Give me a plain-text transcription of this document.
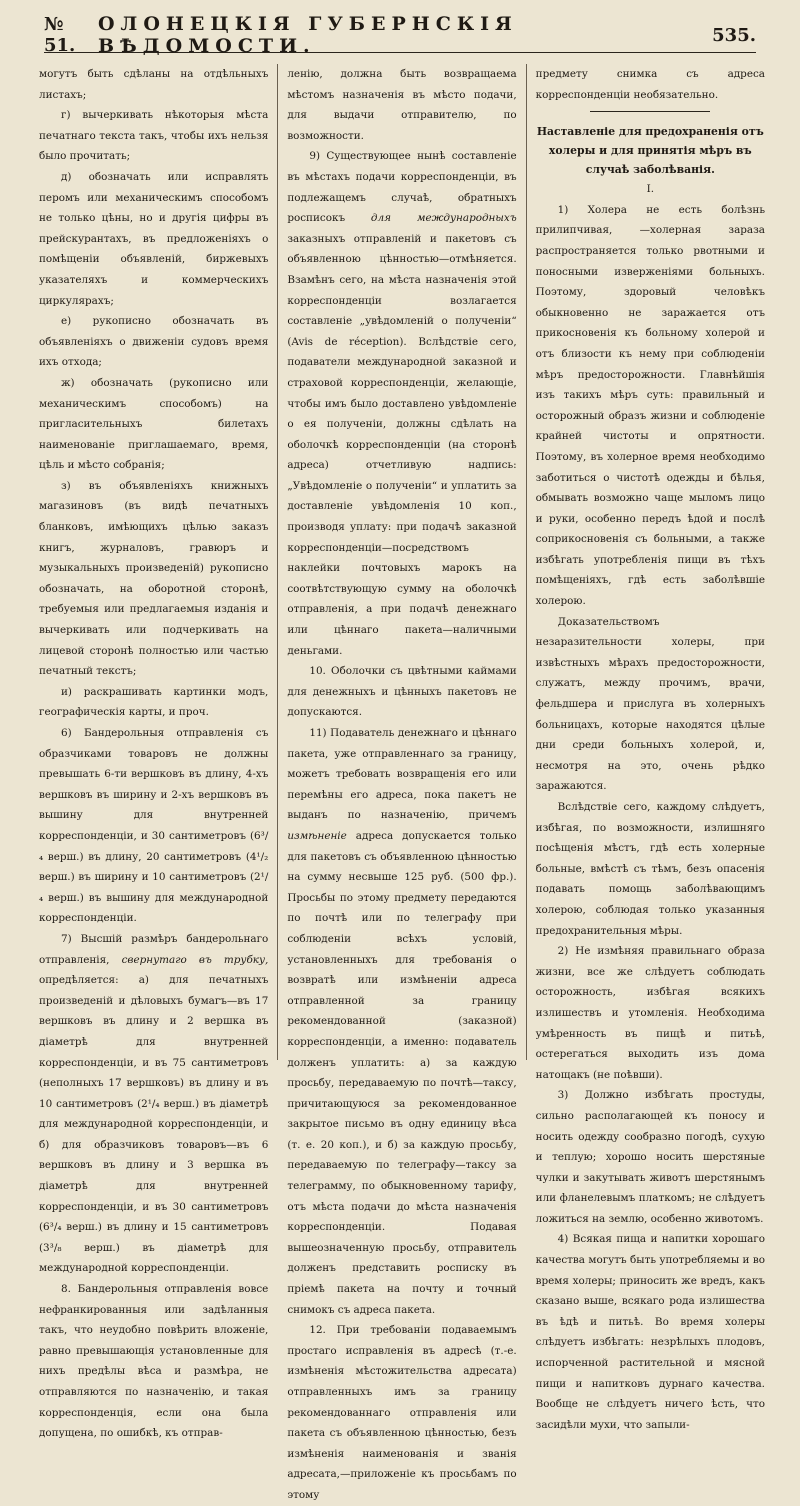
№ 51.
ОЛОНЕЦКІЯ ГУБЕРНСКІЯ ВѢДОМОСТИ.	535.

могутъ быть сдѣланы на отдѣльныхъ листахъ;

г) вычеркивать нѣкоторыя мѣста печатнаго текста такъ, чтобы ихъ нельзя было прочитать;

д) обозначать или исправлять перомъ или механическимъ способомъ не только цѣны, но и другія цифры въ прейскурантахъ, въ предложеніяхъ о помѣщеніи объявленій, биржевыхъ указателяхъ и коммерческихъ циркулярахъ;

е) рукописно обозначать въ объявленіяхъ о движеніи судовъ время ихъ отхода;

ж) обозначать (рукописно или механическимъ способомъ) на пригласительныхъ билетахъ наименованіе приглашаемаго, время, цѣль и мѣсто собранія;

з) въ объявленіяхъ книжныхъ магазиновъ (въ видѣ печатныхъ бланковъ, имѣющихъ цѣлью заказъ книгъ, журналовъ, гравюръ и музыкальныхъ произведеній) рукописно обозначать, на оборотной сторонѣ, требуемыя или предлагаемыя изданія и вычеркивать или подчеркивать на лицевой сторонѣ полностью или частью печатный текстъ;

и) раскрашивать картинки модъ, географическія карты, и проч.

6) Бандерольныя отправленія съ образчиками товаровъ не должны превышать 6-ти вершковъ въ длину, 4-хъ вершковъ въ ширину и 2-хъ вершковъ въ вышину для внутренней корреспонденціи, и 30 сантиметровъ (6³/₄ верш.) въ длину, 20 сантиметровъ (4¹/₂ верш.) въ ширину и 10 сантиметровъ (2¹/₄ верш.) въ вышину для международной корреспонденціи.

7) Высшій размѣръ бандерольнаго отправленія, свернутаго въ трубку, опредѣляется: а) для печатныхъ произведеній и дѣловыхъ бумагъ—въ 17 вершковъ въ длину и 2 вершка въ діаметрѣ для внутренней корреспонденціи, и въ 75 сантиметровъ (неполныхъ 17 вершковъ) въ длину и въ 10 сантиметровъ (2¹/₄ верш.) въ діаметрѣ для международной корреспонденціи, и б) для образчиковъ товаровъ—въ 6 вершковъ въ длину и 3 вершка въ діаметрѣ для внутренней корреспонденціи, и въ 30 сантиметровъ (6³/₄ верш.) въ длину и 15 сантиметровъ (3³/₈ верш.) въ діаметрѣ для международной корреспонденціи.

8. Бандерольныя отправленія вовсе нефранкированныя или задѣланныя такъ, что неудобно повѣрить вложеніе, равно превышающія установленные для нихъ предѣлы вѣса и размѣра, не отправляются по назначенію, и такая корреспонденція, если она была допущена, по ошибкѣ, къ отправ-

ленію, должна быть возвращаема мѣстомъ назначенія въ мѣсто подачи, для выдачи отправителю, по возможности.

9) Существующее нынѣ составленіе въ мѣстахъ подачи корреспонденціи, въ подлежащемъ случаѣ, обратныхъ росписокъ для международныхъ заказныхъ отправленій и пакетовъ съ объявленною цѣнностью—отмѣняется. Взамѣнъ сего, на мѣста назначенія этой корреспонденціи возлагается составленіе „увѣдомленій о полученіи“ (Avis de réception). Вслѣдствіе сего, подаватели международной заказной и страховой корреспонденціи, желающіе, чтобы имъ было доставлено увѣдомленіе о ея полученіи, должны сдѣлать на оболочкѣ корреспонденціи (на сторонѣ адреса) отчетливую надпись: „Увѣдомленіе о полученіи“ и уплатить за доставленіе увѣдомленія 10 коп., производя уплату: при подачѣ заказной корреспонденціи—посредствомъ наклейки почтовыхъ марокъ на соотвѣтствующую сумму на оболочкѣ отправленія, а при подачѣ денежнаго или цѣннаго пакета—наличными деньгами.

10. Оболочки съ цвѣтными каймами для денежныхъ и цѣнныхъ пакетовъ не допускаются.

11) Подаватель денежнаго и цѣннаго пакета, уже отправленнаго за границу, можетъ требовать возвращенія его или перемѣны его адреса, пока пакетъ не выданъ по назначенію, причемъ измѣненіе адреса допускается только для пакетовъ съ объявленною цѣнностью на сумму несвыше 125 руб. (500 фр.). Просьбы по этому предмету передаются по почтѣ или по телеграфу при соблюденіи всѣхъ условій, установленныхъ для требованія о возвратѣ или измѣненіи адреса отправленной за границу рекомендованной (заказной) корреспонденціи, а именно: подаватель долженъ уплатить: а) за каждую просьбу, передаваемую по почтѣ—таксу, причитающуюся за рекомендованное закрытое письмо въ одну единицу вѣса (т. е. 20 коп.), и б) за каждую просьбу, передаваемую по телеграфу—таксу за телеграмму, по обыкновенному тарифу, отъ мѣста подачи до мѣста назначенія корреспонденціи. Подавая вышеозначенную просьбу, отправитель долженъ представить росписку въ пріемѣ пакета на почту и точный снимокъ съ адреса пакета.

12. При требованіи подаваемымъ простаго исправленія въ адресѣ (т.-е. измѣненія мѣстожительства адресата) отправленныхъ имъ за границу рекомендованнаго отправленія или пакета съ объявленною цѣнностью, безъ измѣненія наименованія и званія адресата,—приложеніе къ просьбамъ по этому

предмету снимка съ адреса корреспонденціи необязательно.

Наставленіе для предохраненія отъ холеры и для принятія мѣръ въ случаѣ заболѣванія.

I.

1) Холера не есть болѣзнь прилипчивая, —холерная зараза распространяется только рвотными и поносными изверженіями больныхъ. Поэтому, здоровый человѣкъ обыкновенно не заражается отъ прикосновенія къ больному холерой и отъ близости къ нему при соблюденіи мѣръ предосторожности. Главнѣйшія изъ такихъ мѣръ суть: правильный и осторожный образъ жизни и соблюденіе крайней чистоты и опрятности. Поэтому, въ холерное время необходимо заботиться о чистотѣ одежды и бѣлья, обмывать возможно чаще мыломъ лицо и руки, особенно передъ ѣдой и послѣ соприкосновенія съ больными, а также избѣгать употребленія пищи въ тѣхъ помѣщеніяхъ, гдѣ есть заболѣвшіе холерою.

Доказательствомъ незаразительности холеры, при извѣстныхъ мѣрахъ предосторожности, служатъ, между прочимъ, врачи, фельдшера и прислуга въ холерныхъ больницахъ, которые находятся цѣлые дни среди больныхъ холерой, и, несмотря на это, очень рѣдко заражаются.

Вслѣдствіе сего, каждому слѣдуетъ, избѣгая, по возможности, излишняго посѣщенія мѣстъ, гдѣ есть холерные больные, вмѣстѣ съ тѣмъ, безъ опасенія подавать помощь заболѣвающимъ холерою, соблюдая только указанныя предохранительныя мѣры.

2) Не измѣняя правильнаго образа жизни, все же слѣдуетъ соблюдать осторожность, избѣгая всякихъ излишествъ и утомленія. Необходима умѣренность въ пищѣ и питьѣ, остерегаться выходить изъ дома натощакъ (не поѣвши).

3) Должно избѣгать простуды, сильно располагающей къ поносу и носить одежду сообразно погодѣ, сухую и теплую; хорошо носить шерстяные чулки и закутывать животъ шерстянымъ или фланелевымъ платкомъ; не слѣдуетъ ложиться на землю, особенно животомъ.

4) Всякая пища и напитки хорошаго качества могутъ быть употребляемы и во время холеры; приносить же вредъ, какъ сказано выше, всякаго рода излишества въ ѣдѣ и питьѣ. Во время холеры слѣдуетъ избѣгать: незрѣлыхъ плодовъ, испорченной растительной и мясной пищи и напитковъ дурнаго качества. Вообще не слѣдуетъ ничего ѣсть, что засидѣли мухи, что запыли-
